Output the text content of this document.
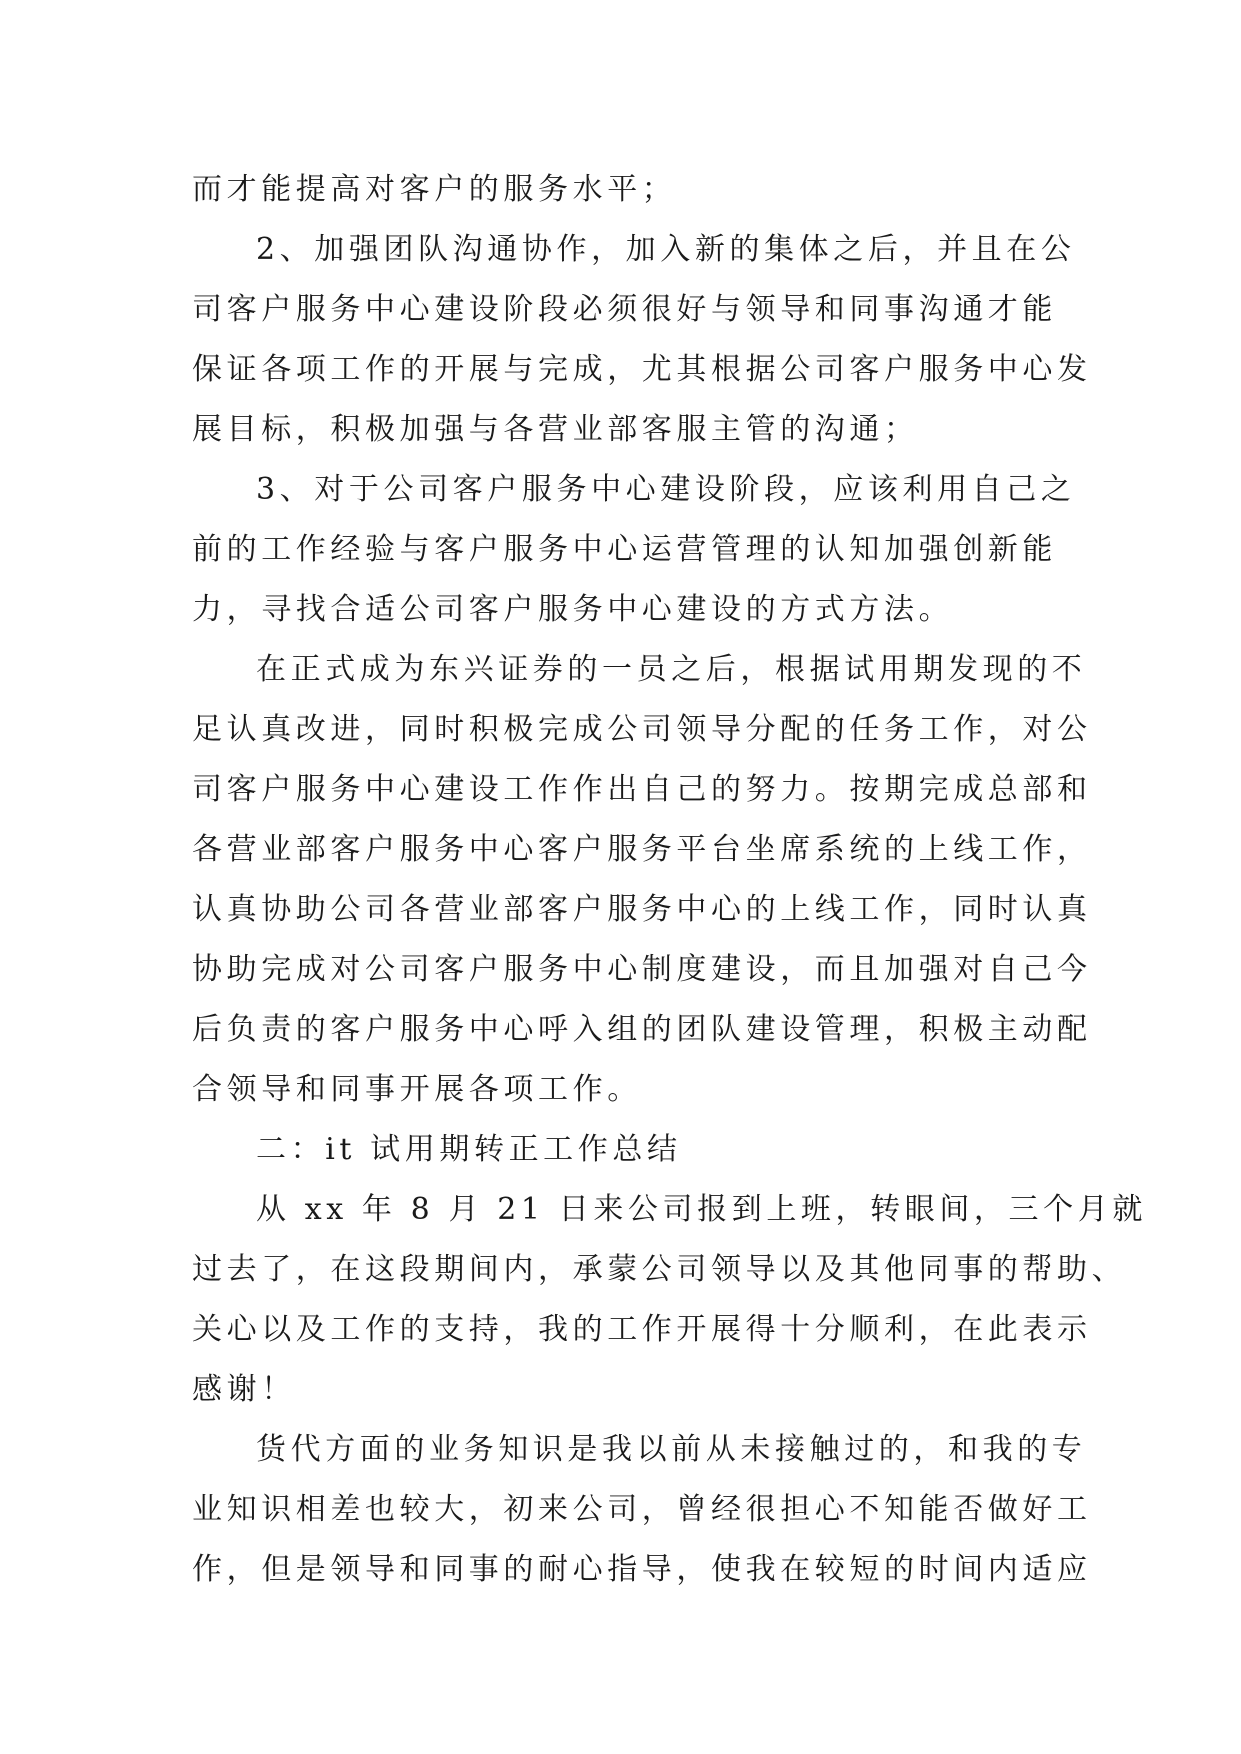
而才能提高对客户的服务水平；
2、加强团队沟通协作，加入新的集体之后，并且在公
司客户服务中心建设阶段必须很好与领导和同事沟通才能
保证各项工作的开展与完成，尤其根据公司客户服务中心发
展目标，积极加强与各营业部客服主管的沟通；
3、对于公司客户服务中心建设阶段，应该利用自己之
前的工作经验与客户服务中心运营管理的认知加强创新能
力，寻找合适公司客户服务中心建设的方式方法。
在正式成为东兴证券的一员之后，根据试用期发现的不
足认真改进，同时积极完成公司领导分配的任务工作，对公
司客户服务中心建设工作作出自己的努力。按期完成总部和
各营业部客户服务中心客户服务平台坐席系统的上线工作，
认真协助公司各营业部客户服务中心的上线工作，同时认真
协助完成对公司客户服务中心制度建设，而且加强对自己今
后负责的客户服务中心呼入组的团队建设管理，积极主动配
合领导和同事开展各项工作。
二：it 试用期转正工作总结
从 xx 年 8 月 21 日来公司报到上班，转眼间，三个月就
过去了，在这段期间内，承蒙公司领导以及其他同事的帮助、
关心以及工作的支持，我的工作开展得十分顺利，在此表示
感谢！
货代方面的业务知识是我以前从未接触过的，和我的专
业知识相差也较大，初来公司，曾经很担心不知能否做好工
作，但是领导和同事的耐心指导，使我在较短的时间内适应
